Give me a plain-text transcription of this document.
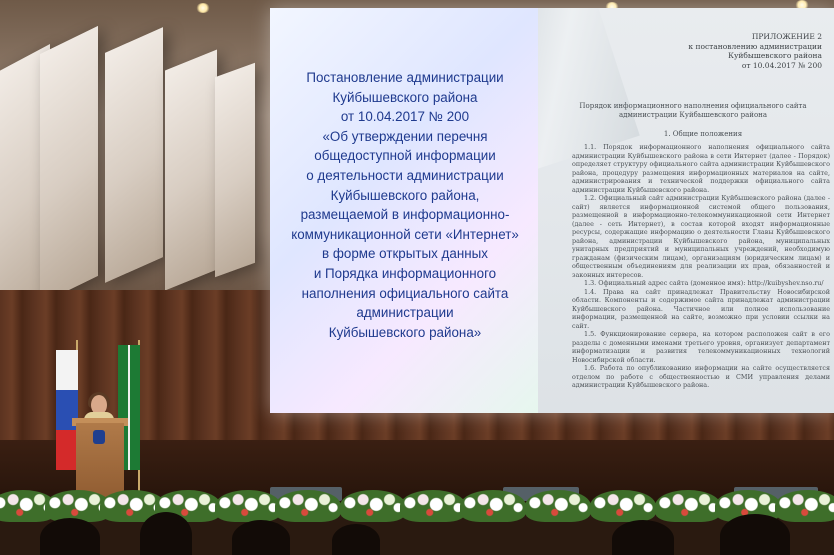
Постановление администрации
Куйбышевского района
от 10.04.2017 № 200
«Об утверждении перечня
общедоступной информации
о деятельности администрации
Куйбышевского района,
размещаемой в информационно-
коммуникационной сети «Интернет»
в форме открытых данных
и Порядка информационного
наполнения официального сайта
администрации
Куйбышевского района»
ПРИЛОЖЕНИЕ 2
к постановлению администрации
Куйбышевского района
от 10.04.2017 № 200
Порядок информационного наполнения официального сайта
администрации Куйбышевского района
1. Общие положения
1.1. Порядок информационного наполнения официального сайта администрации Куйбышевского района в сети Интернет (далее - Порядок) определяет структуру официального сайта администрации Куйбышевского района, процедуру размещения информационных материалов на сайте, администрирования и технической поддержки официального сайта администрации Куйбышевского района.
1.2. Официальный сайт администрации Куйбышевского района (далее - сайт) является информационной системой общего пользования, размещенной в информационно-телекоммуникационной сети Интернет (далее - сеть Интернет), в состав которой входят информационные ресурсы, содержащие информацию о деятельности Главы Куйбышевского района, администрации Куйбышевского района, муниципальных унитарных предприятий и муниципальных учреждений, необходимую гражданам (физическим лицам), организациям (юридическим лицам) и общественным объединениям для реализации их прав, обязанностей и законных интересов.
1.3. Официальный адрес сайта (доменное имя): http://kuibyshev.nso.ru/
1.4. Права на сайт принадлежат Правительству Новосибирской области. Компоненты и содержимое сайта принадлежат администрации Куйбышевского района. Частичное или полное использование информации, размещенной на сайте, возможно при условии ссылки на сайт.
1.5. Функционирование сервера, на котором расположен сайт в его разделы с доменными именами третьего уровня, организует департамент информатизации и развития телекоммуникационных технологий Новосибирской области.
1.6. Работа по опубликованию информации на сайте осуществляется отделом по работе с общественностью и СМИ управления делами администрации Куйбышевского района.
